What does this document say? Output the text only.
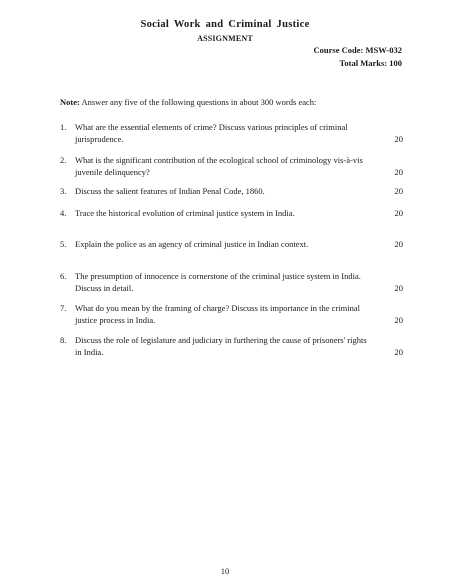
Social Work and Criminal Justice
ASSIGNMENT
Course Code: MSW-032
Total Marks: 100
Note: Answer any five of the following questions in about 300 words each:
1.	What are the essential elements of crime? Discuss various principles of criminal jurisprudence.	20
2.	What is the significant contribution of the ecological school of criminology vis-à-vis juvenile delinquency?	20
3.	Discuss the salient features of Indian Penal Code, 1860.	20
4.	Trace the historical evolution of criminal justice system in India.	20
5.	Explain the police as an agency of criminal justice in Indian context.	20
6.	The presumption of innocence is cornerstone of the criminal justice system in India. Discuss in detail.	20
7.	What do you mean by the framing of charge? Discuss its importance in the criminal justice process in India.	20
8.	Discuss the role of legislature and judiciary in furthering the cause of prisoners' rights in India.	20
10
